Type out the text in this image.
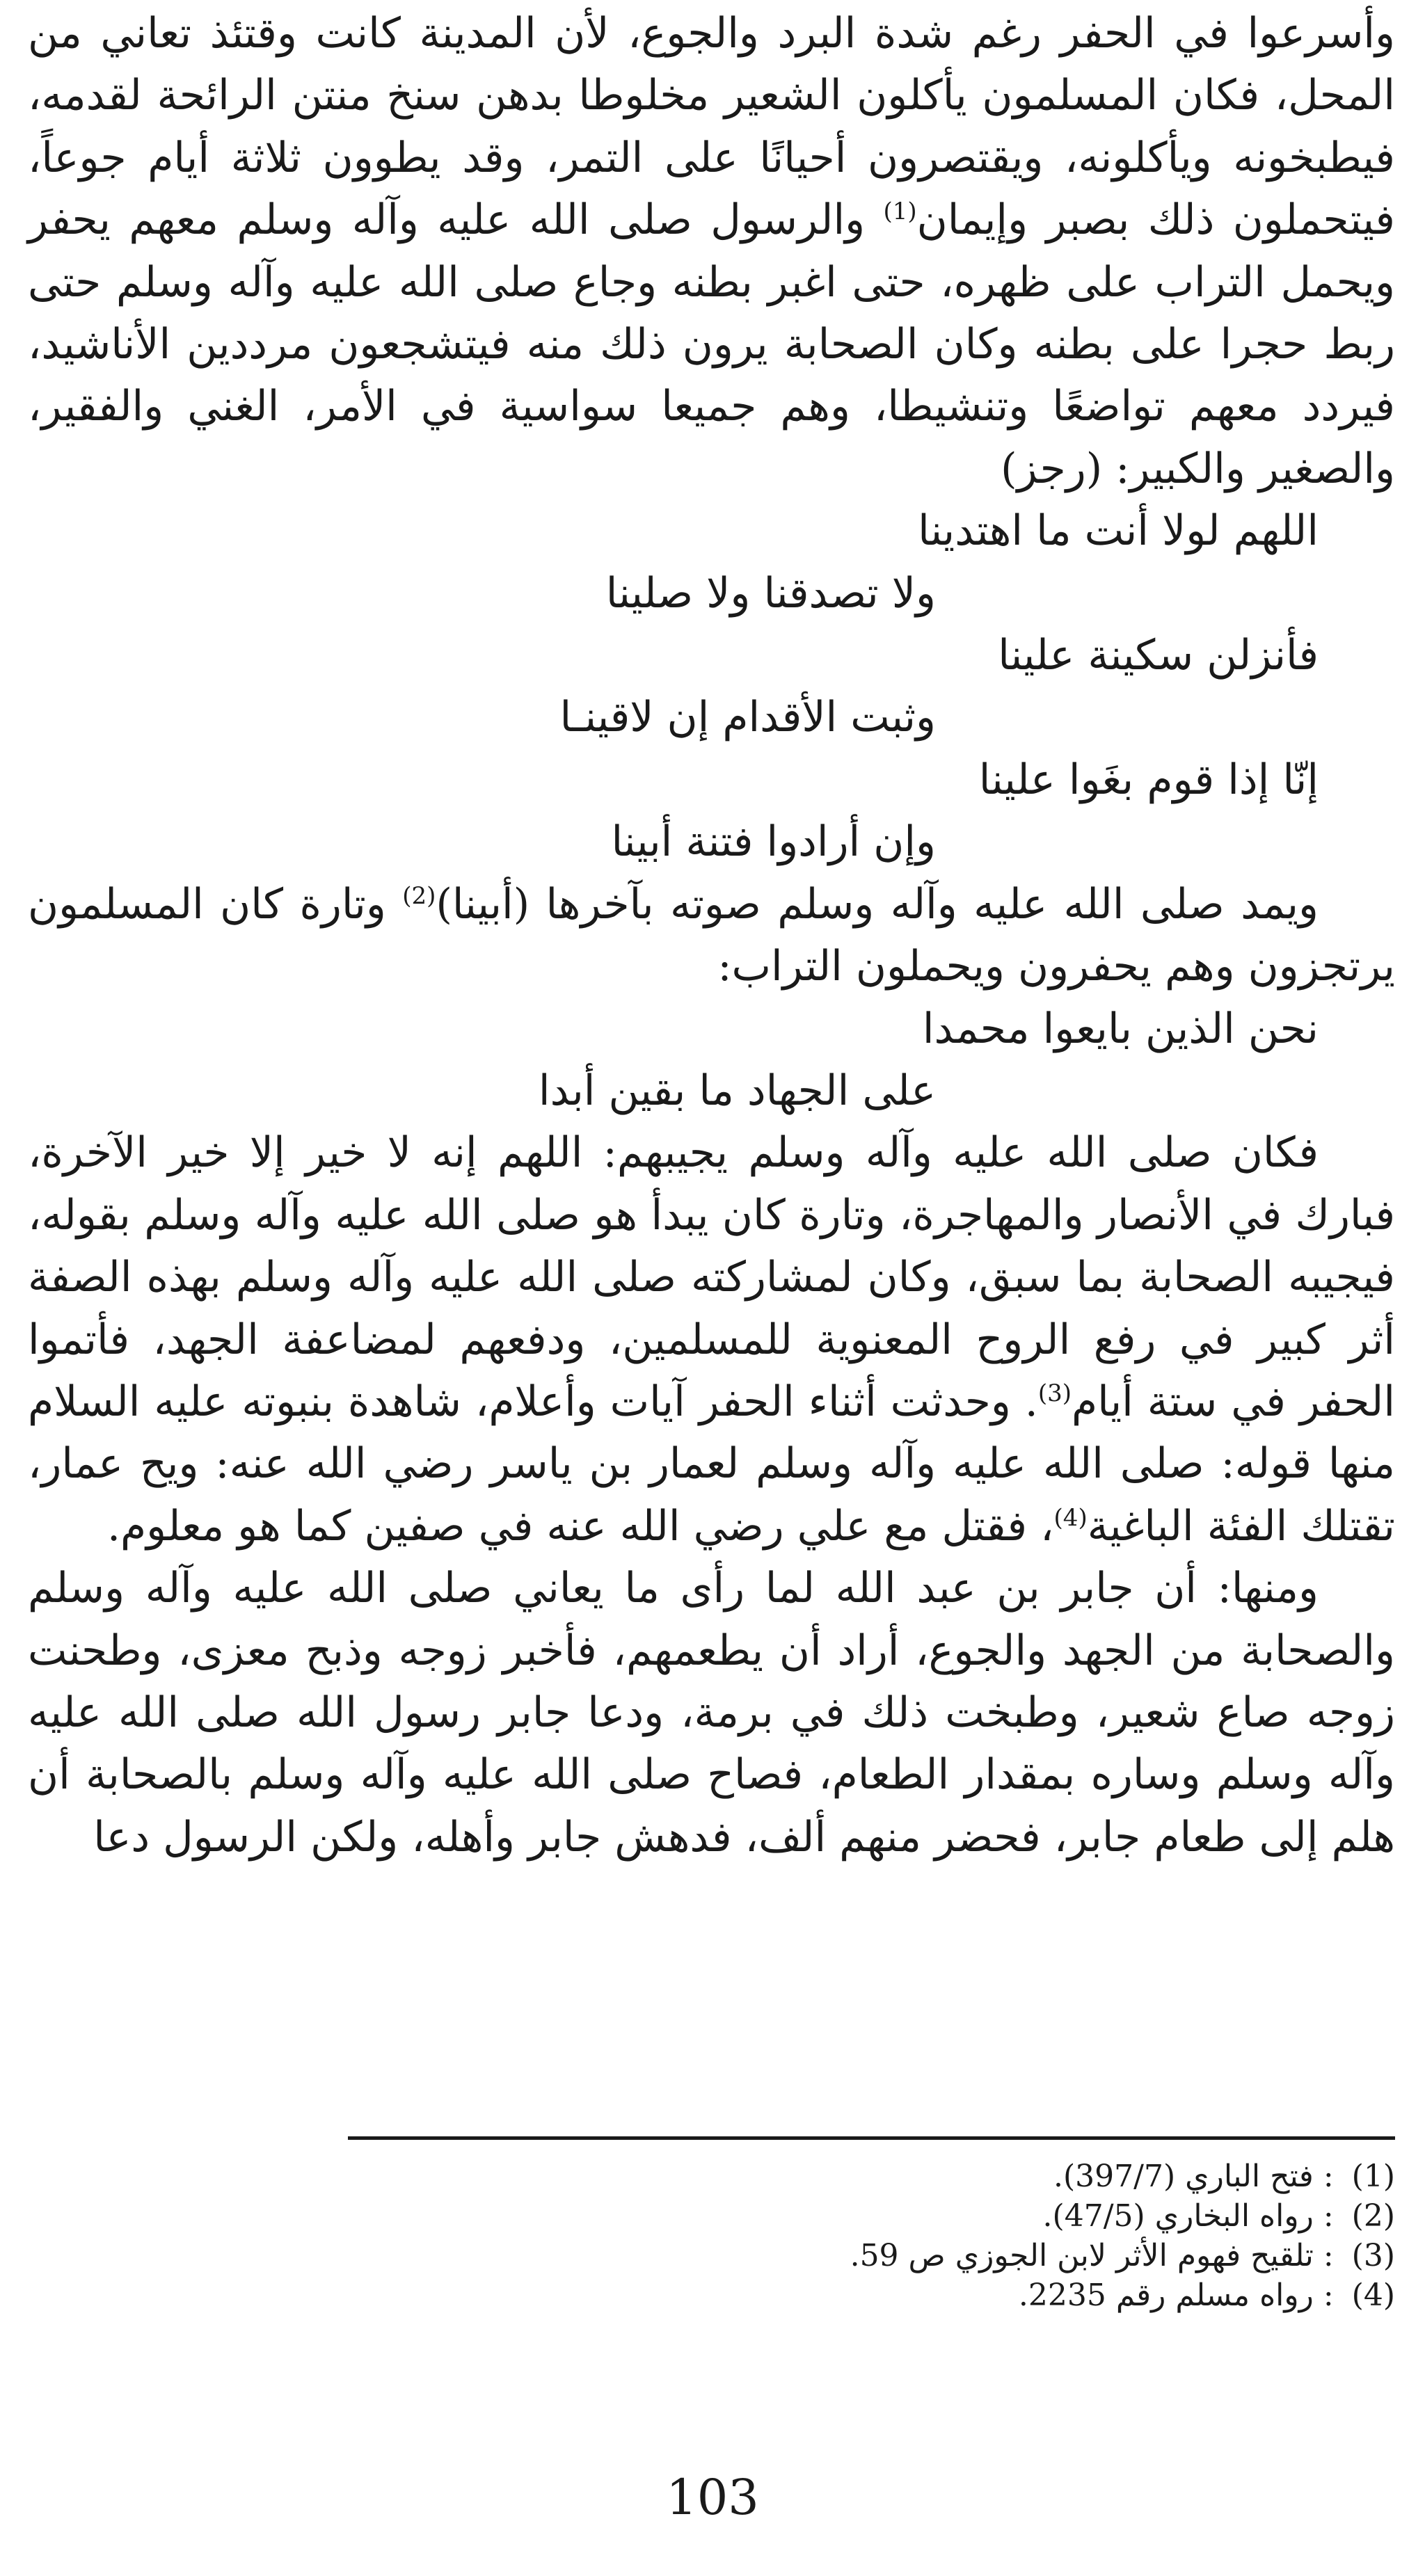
وأسرعوا في الحفر رغم شدة البرد والجوع، لأن المدينة كانت وقتئذ تعاني من المحل، فكان المسلمون يأكلون الشعير مخلوطا بدهن سنخ منتن الرائحة لقدمه، فيطبخونه ويأكلونه، ويقتصرون أحيانًا على التمر، وقد يطوون ثلاثة أيام جوعاً، فيتحملون ذلك بصبر وإيمان$^{(1)}$ والرسول صلى الله عليه وآله وسلم معهم يحفر ويحمل التراب على ظهره، حتى اغبر بطنه وجاع صلى الله عليه وآله وسلم حتى ربط حجرا على بطنه وكان الصحابة يرون ذلك منه فيتشجعون مرددين الأناشيد، فيردد معهم تواضعًا وتنشيطا، وهم جميعا سواسية في الأمر، الغني والفقير، والصغير والكبير: (رجز)

اللهم لولا أنت ما اهتدينا

ولا تصدقنا ولا صلينا

فأنزلن سكينة علينا

وثبت الأقدام إن لاقينـا

إنّا إذا قوم بغَوا علينا

وإن أرادوا فتنة أبينا

ويمد صلى الله عليه وآله وسلم صوته بآخرها (أبينا)$^{(2)}$ وتارة كان المسلمون يرتجزون وهم يحفرون ويحملون التراب:

نحن الذين بايعوا محمدا

على الجهاد ما بقين أبدا

فكان صلى الله عليه وآله وسلم يجيبهم: اللهم إنه لا خير إلا خير الآخرة، فبارك في الأنصار والمهاجرة، وتارة كان يبدأ هو صلى الله عليه وآله وسلم بقوله، فيجيبه الصحابة بما سبق، وكان لمشاركته صلى الله عليه وآله وسلم بهذه الصفة أثر كبير في رفع الروح المعنوية للمسلمين، ودفعهم لمضاعفة الجهد، فأتموا الحفر في ستة أيام$^{(3)}$. وحدثت أثناء الحفر آيات وأعلام، شاهدة بنبوته عليه السلام منها قوله: صلى الله عليه وآله وسلم لعمار بن ياسر رضي الله عنه: ويح عمار، تقتلك الفئة الباغية$^{(4)}$، فقتل مع علي رضي الله عنه في صفين كما هو معلوم.

ومنها: أن جابر بن عبد الله لما رأى ما يعاني صلى الله عليه وآله وسلم والصحابة من الجهد والجوع، أراد أن يطعمهم، فأخبر زوجه وذبح معزى، وطحنت زوجه صاع شعير، وطبخت ذلك في برمة، ودعا جابر رسول الله صلى الله عليه وآله وسلم وساره بمقدار الطعام، فصاح صلى الله عليه وآله وسلم بالصحابة أن هلم إلى طعام جابر، فحضر منهم ألف، فدهش جابر وأهله، ولكن الرسول دعا

(1): فتح الباري (397/7).

(2): رواه البخاري (47/5).

(3): تلقيح فهوم الأثر لابن الجوزي ص 59.

(4): رواه مسلم رقم 2235.

103
